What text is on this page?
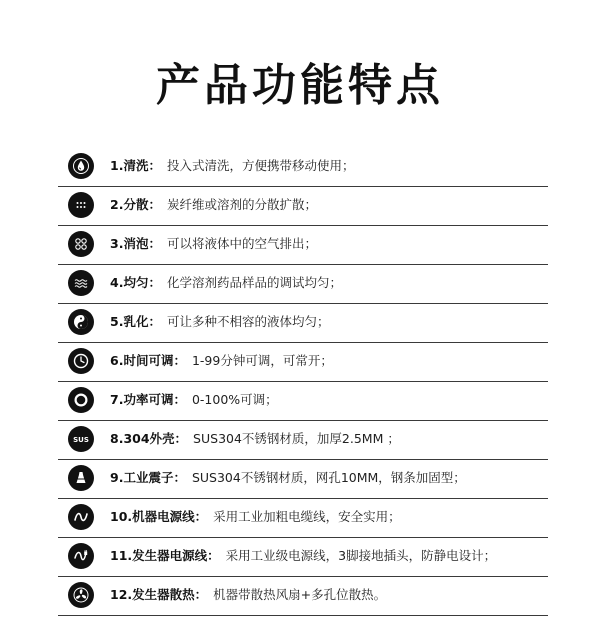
产品功能特点
1.清洗： 投入式清洗，方便携带移动使用；
2.分散： 炭纤维或溶剂的分散扩散；
3.消泡： 可以将液体中的空气排出；
4.均匀： 化学溶剂药品样品的调试均匀；
5.乳化： 可让多种不相容的液体均匀；
6.时间可调： 1-99分钟可调，可常开；
7.功率可调： 0-100%可调；
SUS 8.304外壳： SUS304不锈钢材质，加厚2.5MM ；
9.工业震子： SUS304不锈钢材质，网孔10MM，钢条加固型；
10.机器电源线： 采用工业加粗电缆线，安全实用；
11.发生器电源线： 采用工业级电源线，3脚接地插头，防静电设计；
12.发生器散热： 机器带散热风扇+多孔位散热。
